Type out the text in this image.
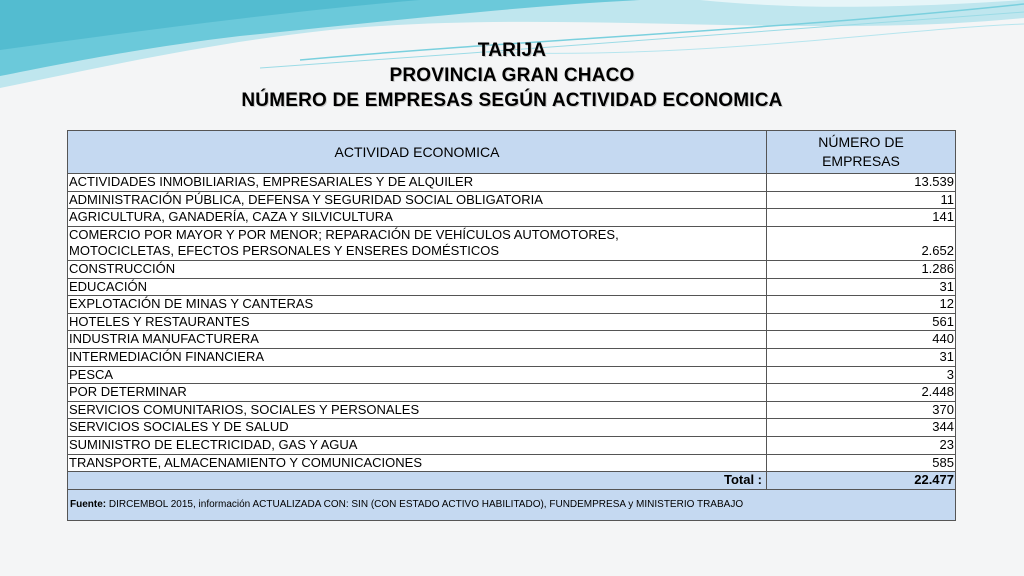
TARIJA
PROVINCIA GRAN CHACO
NÚMERO DE EMPRESAS SEGÚN ACTIVIDAD ECONOMICA
ACTIVIDAD ECONOMICA	NÚMERO DE
EMPRESAS
ACTIVIDADES INMOBILIARIAS, EMPRESARIALES Y DE ALQUILER	13.539
ADMINISTRACIÓN PÚBLICA, DEFENSA Y SEGURIDAD SOCIAL OBLIGATORIA	11
AGRICULTURA, GANADERÍA, CAZA Y SILVICULTURA	141
COMERCIO POR MAYOR Y POR MENOR; REPARACIÓN DE VEHÍCULOS AUTOMOTORES,
MOTOCICLETAS, EFECTOS PERSONALES Y ENSERES DOMÉSTICOS	2.652
CONSTRUCCIÓN	1.286
EDUCACIÓN	31
EXPLOTACIÓN DE MINAS Y CANTERAS	12
HOTELES Y RESTAURANTES	561
INDUSTRIA MANUFACTURERA	440
INTERMEDIACIÓN FINANCIERA	31
PESCA	3
POR DETERMINAR	2.448
SERVICIOS COMUNITARIOS, SOCIALES Y PERSONALES	370
SERVICIOS SOCIALES Y DE SALUD	344
SUMINISTRO DE ELECTRICIDAD, GAS Y AGUA	23
TRANSPORTE, ALMACENAMIENTO Y COMUNICACIONES	585
Total :	22.477
Fuente: DIRCEMBOL 2015, información ACTUALIZADA CON: SIN (CON ESTADO ACTIVO HABILITADO), FUNDEMPRESA y MINISTERIO TRABAJO	
